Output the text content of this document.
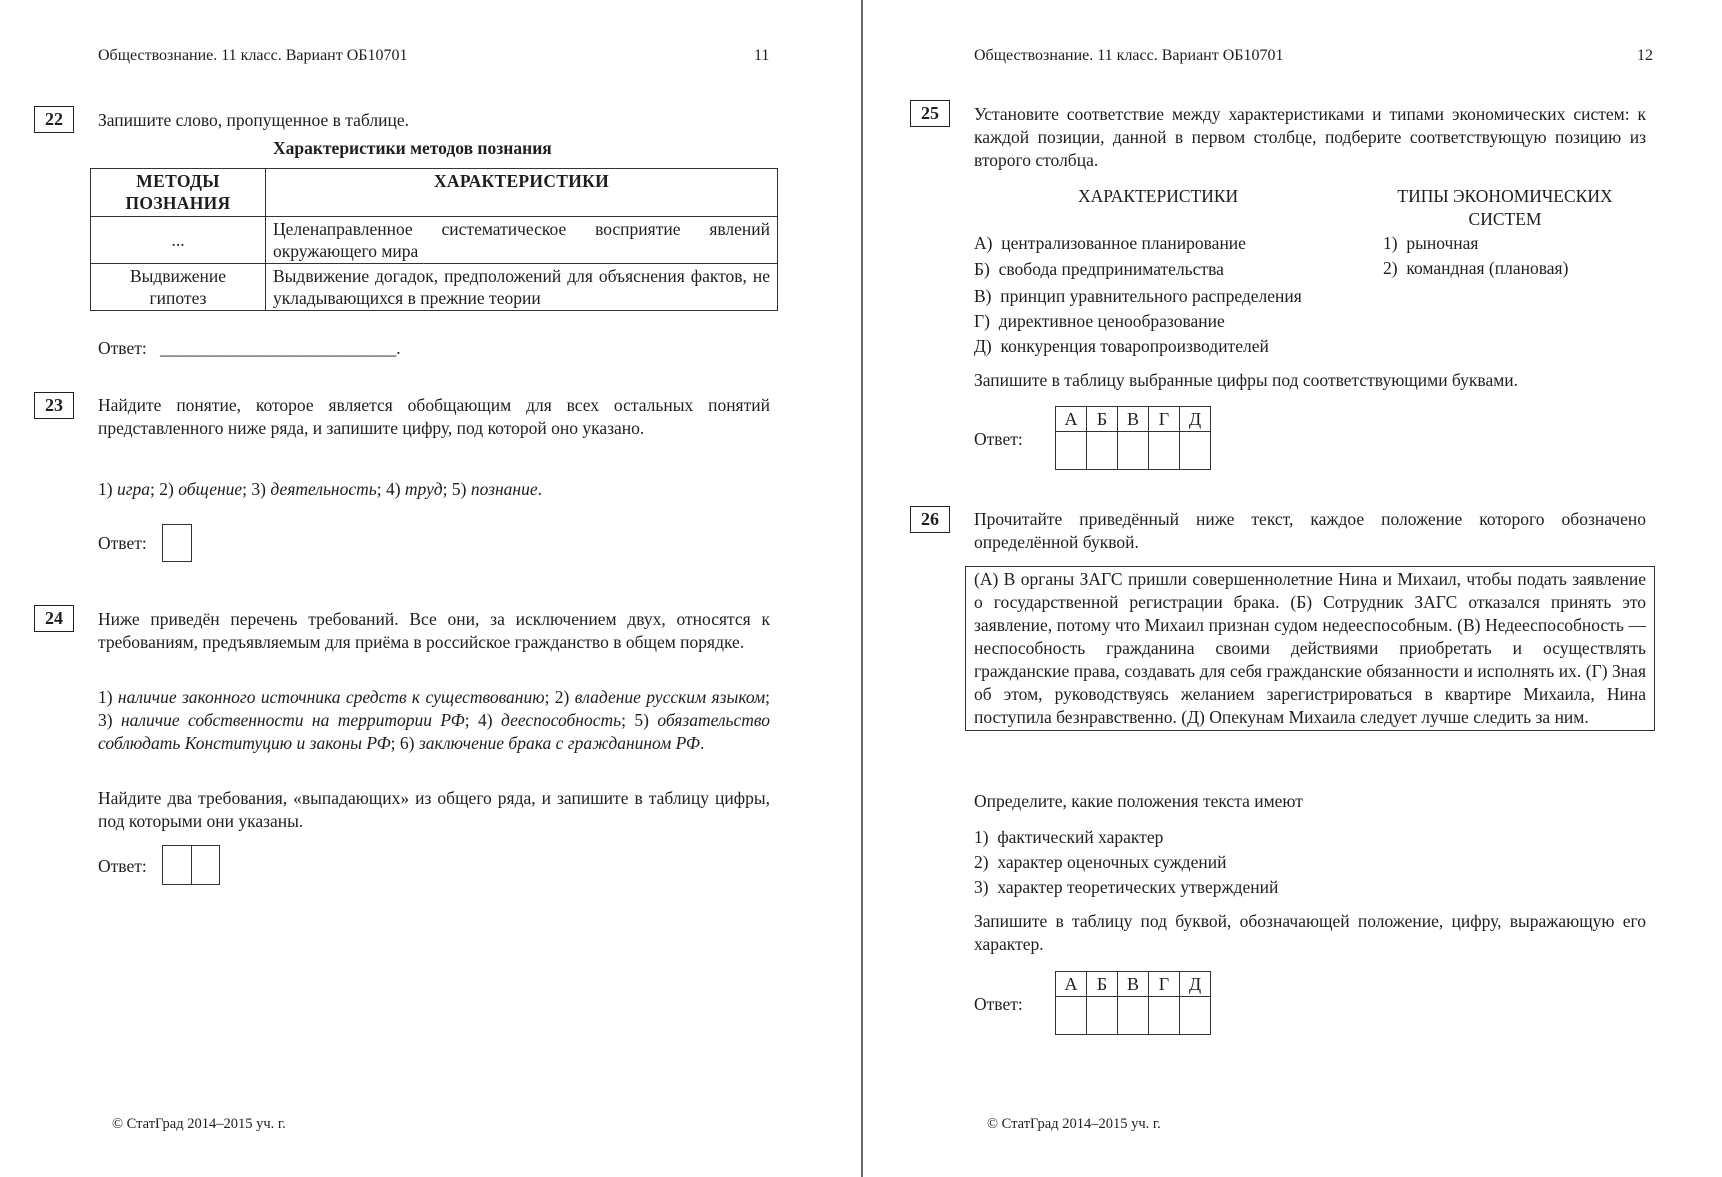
Обществознание. 11 класс. Вариант ОБ10701	11
22	Запишите слово, пропущенное в таблице.
Характеристики методов познания
МЕТОДЫ ПОЗНАНИЯ	ХАРАКТЕРИСТИКИ
...	Целенаправленное систематическое восприятие явлений окружающего мира
Выдвижение гипотез	Выдвижение догадок, предположений для объяснения фактов, не укладывающихся в прежние теории
Ответ: ___________________________.
23	Найдите понятие, которое является обобщающим для всех остальных понятий представленного ниже ряда, и запишите цифру, под которой оно указано.
1) игра; 2) общение; 3) деятельность; 4) труд; 5) познание.
Ответ:
24	Ниже приведён перечень требований. Все они, за исключением двух, относятся к требованиям, предъявляемым для приёма в российское гражданство в общем порядке.
1) наличие законного источника средств к существованию; 2) владение русским языком; 3) наличие собственности на территории РФ; 4) дееспособность; 5) обязательство соблюдать Конституцию и законы РФ; 6) заключение брака с гражданином РФ.
Найдите два требования, «выпадающих» из общего ряда, и запишите в таблицу цифры, под которыми они указаны.
Ответ:
© СтатГрад 2014–2015 уч. г.
Обществознание. 11 класс. Вариант ОБ10701	12
25	Установите соответствие между характеристиками и типами экономических систем: к каждой позиции, данной в первом столбце, подберите соответствующую позицию из второго столбца.
ХАРАКТЕРИСТИКИ	ТИПЫ ЭКОНОМИЧЕСКИХ СИСТЕМ
А) централизованное планирование
Б) свобода предпринимательства
В) принцип уравнительного распределения
Г) директивное ценообразование
Д) конкуренция товаропроизводителей
1) рыночная
2) командная (плановая)
Запишите в таблицу выбранные цифры под соответствующими буквами.
Ответ:
А	Б	В	Г	Д

26	Прочитайте приведённый ниже текст, каждое положение которого обозначено определённой буквой.
(А) В органы ЗАГС пришли совершеннолетние Нина и Михаил, чтобы подать заявление о государственной регистрации брака. (Б) Сотрудник ЗАГС отказался принять это заявление, потому что Михаил признан судом недееспособным. (В) Недееспособность — неспособность гражданина своими действиями приобретать и осуществлять гражданские права, создавать для себя гражданские обязанности и исполнять их. (Г) Зная об этом, руководствуясь желанием зарегистрироваться в квартире Михаила, Нина поступила безнравственно. (Д) Опекунам Михаила следует лучше следить за ним.
Определите, какие положения текста имеют
1) фактический характер
2) характер оценочных суждений
3) характер теоретических утверждений
Запишите в таблицу под буквой, обозначающей положение, цифру, выражающую его характер.
Ответ:
А	Б	В	Г	Д

© СтатГрад 2014–2015 уч. г.
